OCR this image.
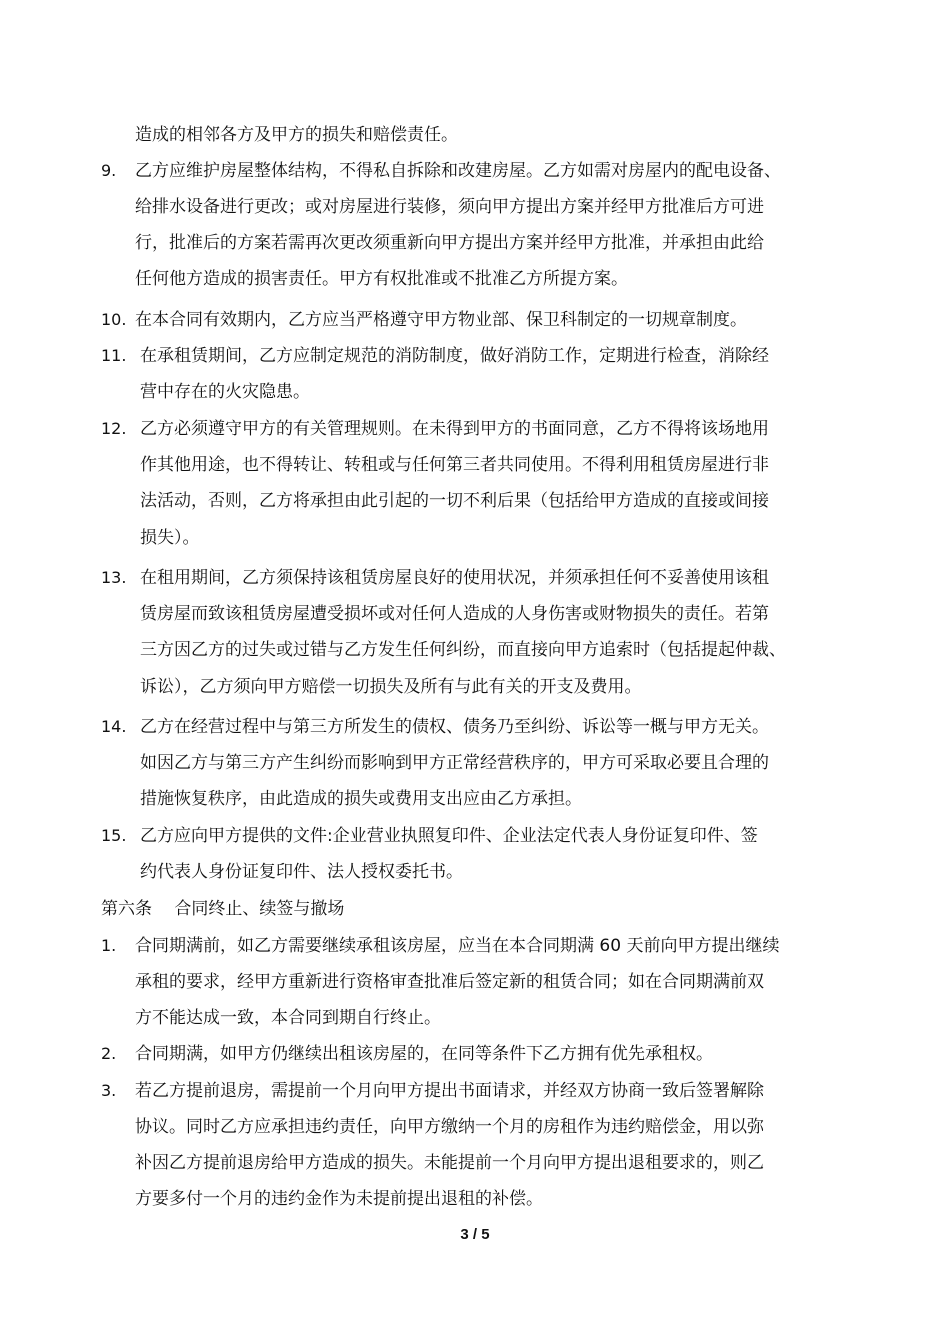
造成的相邻各方及甲方的损失和赔偿责任。
9. 乙方应维护房屋整体结构，不得私自拆除和改建房屋。乙方如需对房屋内的配电设备、
给排水设备进行更改；或对房屋进行装修，须向甲方提出方案并经甲方批准后方可进
行，批准后的方案若需再次更改须重新向甲方提出方案并经甲方批准，并承担由此给
任何他方造成的损害责任。甲方有权批准或不批准乙方所提方案。
10. 在本合同有效期内，乙方应当严格遵守甲方物业部、保卫科制定的一切规章制度。
11. 在承租赁期间，乙方应制定规范的消防制度，做好消防工作，定期进行检查，消除经
营中存在的火灾隐患。
12. 乙方必须遵守甲方的有关管理规则。在未得到甲方的书面同意，乙方不得将该场地用
作其他用途，也不得转让、转租或与任何第三者共同使用。不得利用租赁房屋进行非
法活动，否则，乙方将承担由此引起的一切不利后果（包括给甲方造成的直接或间接
损失）。
13. 在租用期间，乙方须保持该租赁房屋良好的使用状况，并须承担任何不妥善使用该租
赁房屋而致该租赁房屋遭受损坏或对任何人造成的人身伤害或财物损失的责任。若第
三方因乙方的过失或过错与乙方发生任何纠纷，而直接向甲方追索时（包括提起仲裁、
诉讼），乙方须向甲方赔偿一切损失及所有与此有关的开支及费用。
14. 乙方在经营过程中与第三方所发生的债权、债务乃至纠纷、诉讼等一概与甲方无关。
如因乙方与第三方产生纠纷而影响到甲方正常经营秩序的，甲方可采取必要且合理的
措施恢复秩序，由此造成的损失或费用支出应由乙方承担。
15. 乙方应向甲方提供的文件:企业营业执照复印件、企业法定代表人身份证复印件、签
约代表人身份证复印件、法人授权委托书。
第六条　 合同终止、续签与撤场
1. 合同期满前，如乙方需要继续承租该房屋，应当在本合同期满 60 天前向甲方提出继续
承租的要求，经甲方重新进行资格审查批准后签定新的租赁合同；如在合同期满前双
方不能达成一致，本合同到期自行终止。
2. 合同期满，如甲方仍继续出租该房屋的，在同等条件下乙方拥有优先承租权。
3. 若乙方提前退房，需提前一个月向甲方提出书面请求，并经双方协商一致后签署解除
协议。同时乙方应承担违约责任，向甲方缴纳一个月的房租作为违约赔偿金，用以弥
补因乙方提前退房给甲方造成的损失。未能提前一个月向甲方提出退租要求的，则乙
方要多付一个月的违约金作为未提前提出退租的补偿。
3 / 5
